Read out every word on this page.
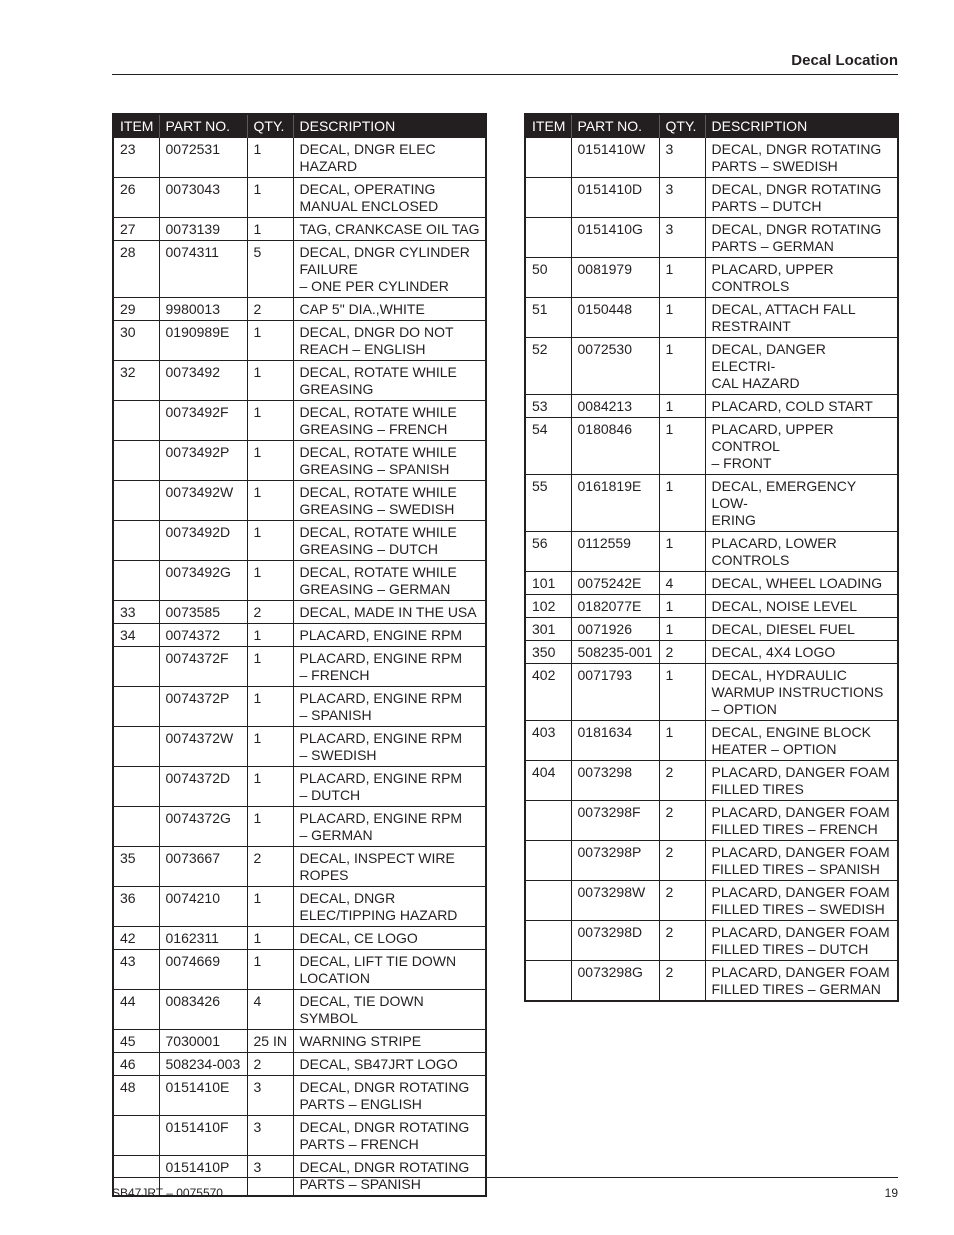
Decal Location
ITEM	PART NO.	QTY.	DESCRIPTION
23	0072531	1	DECAL, DNGR ELEC
HAZARD
26	0073043	1	DECAL, OPERATING
MANUAL ENCLOSED
27	0073139	1	TAG, CRANKCASE OIL TAG
28	0074311	5	DECAL, DNGR CYLINDER
FAILURE
– ONE PER CYLINDER
29	9980013	2	CAP 5" DIA.,WHITE
30	0190989E	1	DECAL, DNGR DO NOT
REACH – ENGLISH
32	0073492	1	DECAL, ROTATE WHILE
GREASING
	0073492F	1	DECAL, ROTATE WHILE
GREASING – FRENCH
	0073492P	1	DECAL, ROTATE WHILE
GREASING – SPANISH
	0073492W	1	DECAL, ROTATE WHILE
GREASING – SWEDISH
	0073492D	1	DECAL, ROTATE WHILE
GREASING – DUTCH
	0073492G	1	DECAL, ROTATE WHILE
GREASING – GERMAN
33	0073585	2	DECAL, MADE IN THE USA
34	0074372	1	PLACARD, ENGINE RPM
	0074372F	1	PLACARD, ENGINE RPM
– FRENCH
	0074372P	1	PLACARD, ENGINE RPM
– SPANISH
	0074372W	1	PLACARD, ENGINE RPM
– SWEDISH
	0074372D	1	PLACARD, ENGINE RPM
– DUTCH
	0074372G	1	PLACARD, ENGINE RPM
– GERMAN
35	0073667	2	DECAL, INSPECT WIRE
ROPES
36	0074210	1	DECAL, DNGR
ELEC/TIPPING HAZARD
42	0162311	1	DECAL, CE LOGO
43	0074669	1	DECAL, LIFT TIE DOWN
LOCATION
44	0083426	4	DECAL, TIE DOWN SYMBOL
45	7030001	25 IN	WARNING STRIPE
46	508234-003	2	DECAL, SB47JRT LOGO
48	0151410E	3	DECAL, DNGR ROTATING
PARTS – ENGLISH
	0151410F	3	DECAL, DNGR ROTATING
PARTS – FRENCH
	0151410P	3	DECAL, DNGR ROTATING
PARTS – SPANISH
ITEM	PART NO.	QTY.	DESCRIPTION
	0151410W	3	DECAL, DNGR ROTATING
PARTS – SWEDISH
	0151410D	3	DECAL, DNGR ROTATING
PARTS – DUTCH
	0151410G	3	DECAL, DNGR ROTATING
PARTS – GERMAN
50	0081979	1	PLACARD, UPPER
CONTROLS
51	0150448	1	DECAL, ATTACH FALL
RESTRAINT
52	0072530	1	DECAL, DANGER ELECTRI-
CAL HAZARD
53	0084213	1	PLACARD, COLD START
54	0180846	1	PLACARD, UPPER CONTROL
– FRONT
55	0161819E	1	DECAL, EMERGENCY LOW-
ERING
56	0112559	1	PLACARD, LOWER
CONTROLS
101	0075242E	4	DECAL, WHEEL LOADING
102	0182077E	1	DECAL, NOISE LEVEL
301	0071926	1	DECAL, DIESEL FUEL
350	508235-001	2	DECAL, 4X4 LOGO
402	0071793	1	DECAL, HYDRAULIC
WARMUP INSTRUCTIONS
– OPTION
403	0181634	1	DECAL, ENGINE BLOCK
HEATER – OPTION
404	0073298	2	PLACARD, DANGER FOAM
FILLED TIRES
	0073298F	2	PLACARD, DANGER FOAM
FILLED TIRES – FRENCH
	0073298P	2	PLACARD, DANGER FOAM
FILLED TIRES – SPANISH
	0073298W	2	PLACARD, DANGER FOAM
FILLED TIRES – SWEDISH
	0073298D	2	PLACARD, DANGER FOAM
FILLED TIRES – DUTCH
	0073298G	2	PLACARD, DANGER FOAM
FILLED TIRES – GERMAN
SB47JRT – 0075570	19
